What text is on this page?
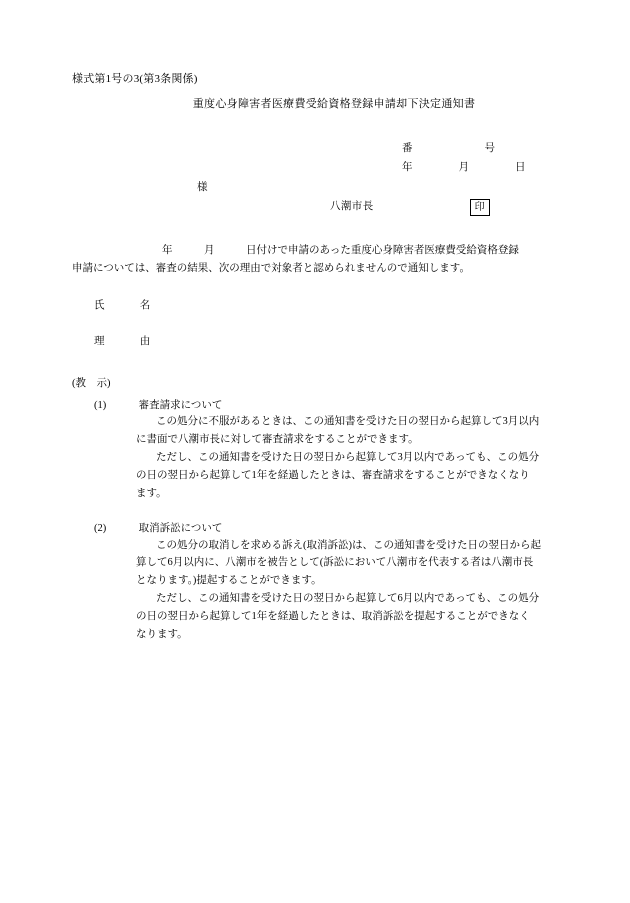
様式第1号の3(第3条関係)
重度心身障害者医療費受給資格登録申請却下決定通知書
番	号
年	月	日
様
八潮市長	印
年　　　月　　　日付けで申請のあった重度心身障害者医療費受給資格登録
申請については、審査の結果、次の理由で対象者と認められませんので通知します。
氏	名
理	由
(教　示)
(1)	審査請求について

この処分に不服があるときは、この通知書を受けた日の翌日から起算して3月以内

に書面で八潮市長に対して審査請求をすることができます。

ただし、この通知書を受けた日の翌日から起算して3月以内であっても、この処分

の日の翌日から起算して1年を経過したときは、審査請求をすることができなくなり

ます。

(2)	取消訴訟について

この処分の取消しを求める訴え(取消訴訟)は、この通知書を受けた日の翌日から起

算して6月以内に、八潮市を被告として(訴訟において八潮市を代表する者は八潮市長

となります。)提起することができます。

ただし、この通知書を受けた日の翌日から起算して6月以内であっても、この処分

の日の翌日から起算して1年を経過したときは、取消訴訟を提起することができなく

なります。
